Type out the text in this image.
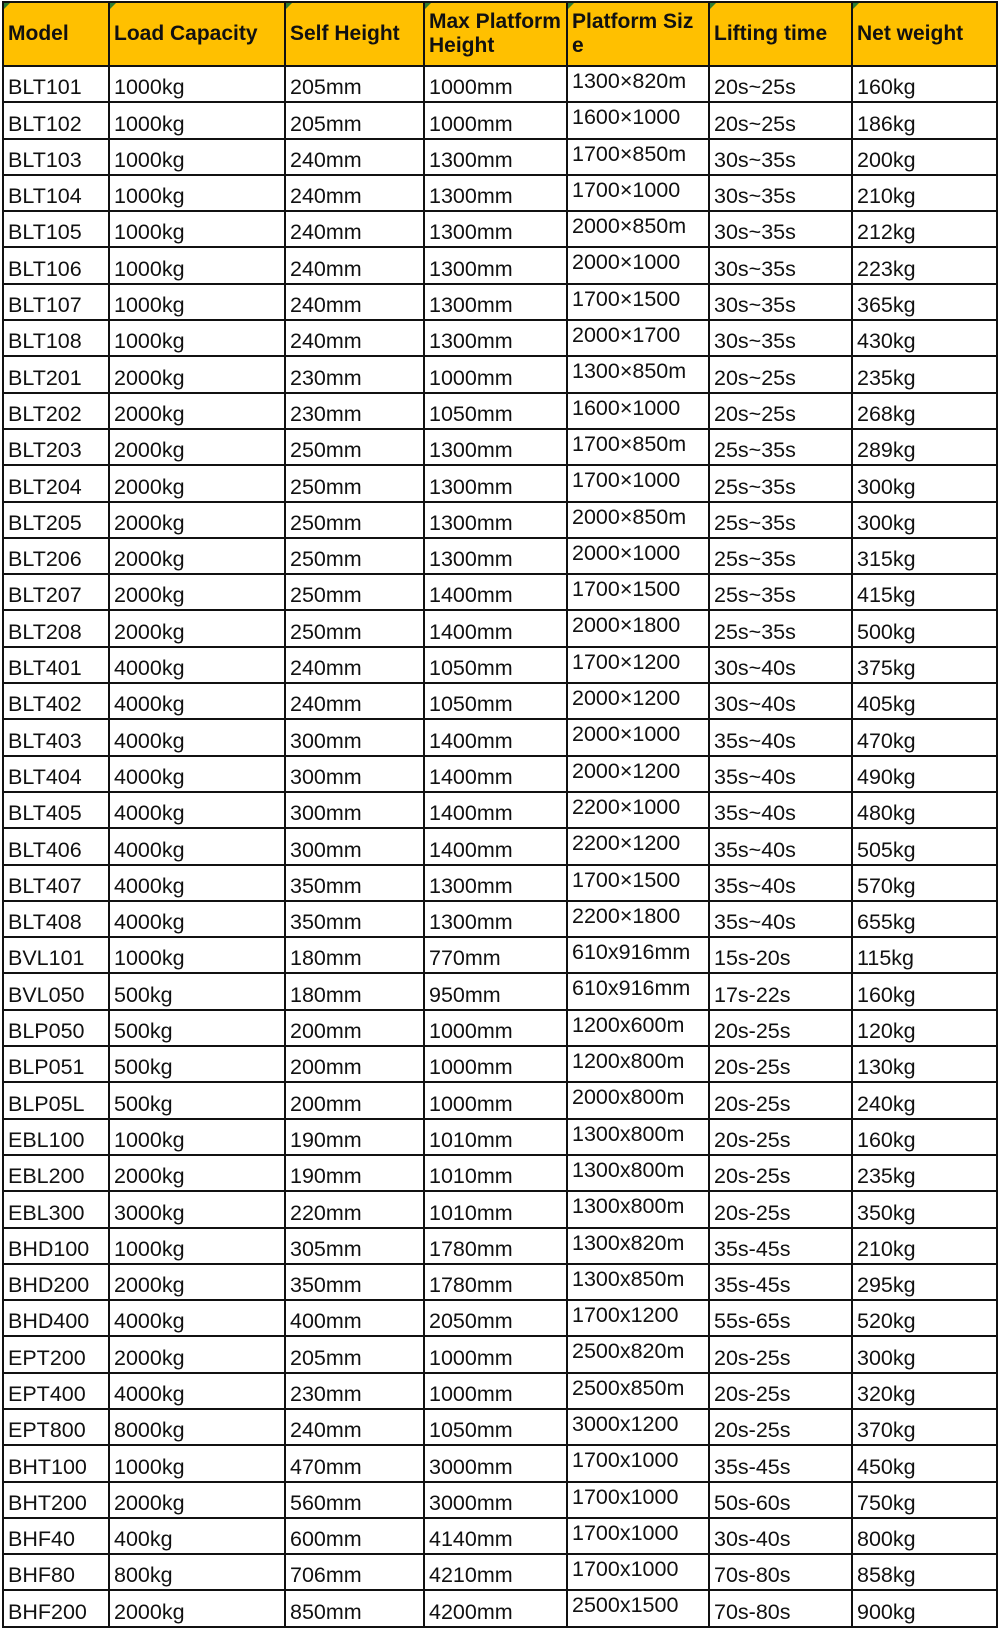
Model	Load Capacity	Self Height	Max Platform Height	Platform Size	Lifting time	Net weight
BLT101	1000kg	205mm	1000mm	1300×820m	20s~25s	160kg
BLT102	1000kg	205mm	1000mm	1600×1000	20s~25s	186kg
BLT103	1000kg	240mm	1300mm	1700×850m	30s~35s	200kg
BLT104	1000kg	240mm	1300mm	1700×1000	30s~35s	210kg
BLT105	1000kg	240mm	1300mm	2000×850m	30s~35s	212kg
BLT106	1000kg	240mm	1300mm	2000×1000	30s~35s	223kg
BLT107	1000kg	240mm	1300mm	1700×1500	30s~35s	365kg
BLT108	1000kg	240mm	1300mm	2000×1700	30s~35s	430kg
BLT201	2000kg	230mm	1000mm	1300×850m	20s~25s	235kg
BLT202	2000kg	230mm	1050mm	1600×1000	20s~25s	268kg
BLT203	2000kg	250mm	1300mm	1700×850m	25s~35s	289kg
BLT204	2000kg	250mm	1300mm	1700×1000	25s~35s	300kg
BLT205	2000kg	250mm	1300mm	2000×850m	25s~35s	300kg
BLT206	2000kg	250mm	1300mm	2000×1000	25s~35s	315kg
BLT207	2000kg	250mm	1400mm	1700×1500	25s~35s	415kg
BLT208	2000kg	250mm	1400mm	2000×1800	25s~35s	500kg
BLT401	4000kg	240mm	1050mm	1700×1200	30s~40s	375kg
BLT402	4000kg	240mm	1050mm	2000×1200	30s~40s	405kg
BLT403	4000kg	300mm	1400mm	2000×1000	35s~40s	470kg
BLT404	4000kg	300mm	1400mm	2000×1200	35s~40s	490kg
BLT405	4000kg	300mm	1400mm	2200×1000	35s~40s	480kg
BLT406	4000kg	300mm	1400mm	2200×1200	35s~40s	505kg
BLT407	4000kg	350mm	1300mm	1700×1500	35s~40s	570kg
BLT408	4000kg	350mm	1300mm	2200×1800	35s~40s	655kg
BVL101	1000kg	180mm	770mm	610x916mm	15s-20s	115kg
BVL050	500kg	180mm	950mm	610x916mm	17s-22s	160kg
BLP050	500kg	200mm	1000mm	1200x600m	20s-25s	120kg
BLP051	500kg	200mm	1000mm	1200x800m	20s-25s	130kg
BLP05L	500kg	200mm	1000mm	2000x800m	20s-25s	240kg
EBL100	1000kg	190mm	1010mm	1300x800m	20s-25s	160kg
EBL200	2000kg	190mm	1010mm	1300x800m	20s-25s	235kg
EBL300	3000kg	220mm	1010mm	1300x800m	20s-25s	350kg
BHD100	1000kg	305mm	1780mm	1300x820m	35s-45s	210kg
BHD200	2000kg	350mm	1780mm	1300x850m	35s-45s	295kg
BHD400	4000kg	400mm	2050mm	1700x1200	55s-65s	520kg
EPT200	2000kg	205mm	1000mm	2500x820m	20s-25s	300kg
EPT400	4000kg	230mm	1000mm	2500x850m	20s-25s	320kg
EPT800	8000kg	240mm	1050mm	3000x1200	20s-25s	370kg
BHT100	1000kg	470mm	3000mm	1700x1000	35s-45s	450kg
BHT200	2000kg	560mm	3000mm	1700x1000	50s-60s	750kg
BHF40	400kg	600mm	4140mm	1700x1000	30s-40s	800kg
BHF80	800kg	706mm	4210mm	1700x1000	70s-80s	858kg
BHF200	2000kg	850mm	4200mm	2500x1500	70s-80s	900kg
